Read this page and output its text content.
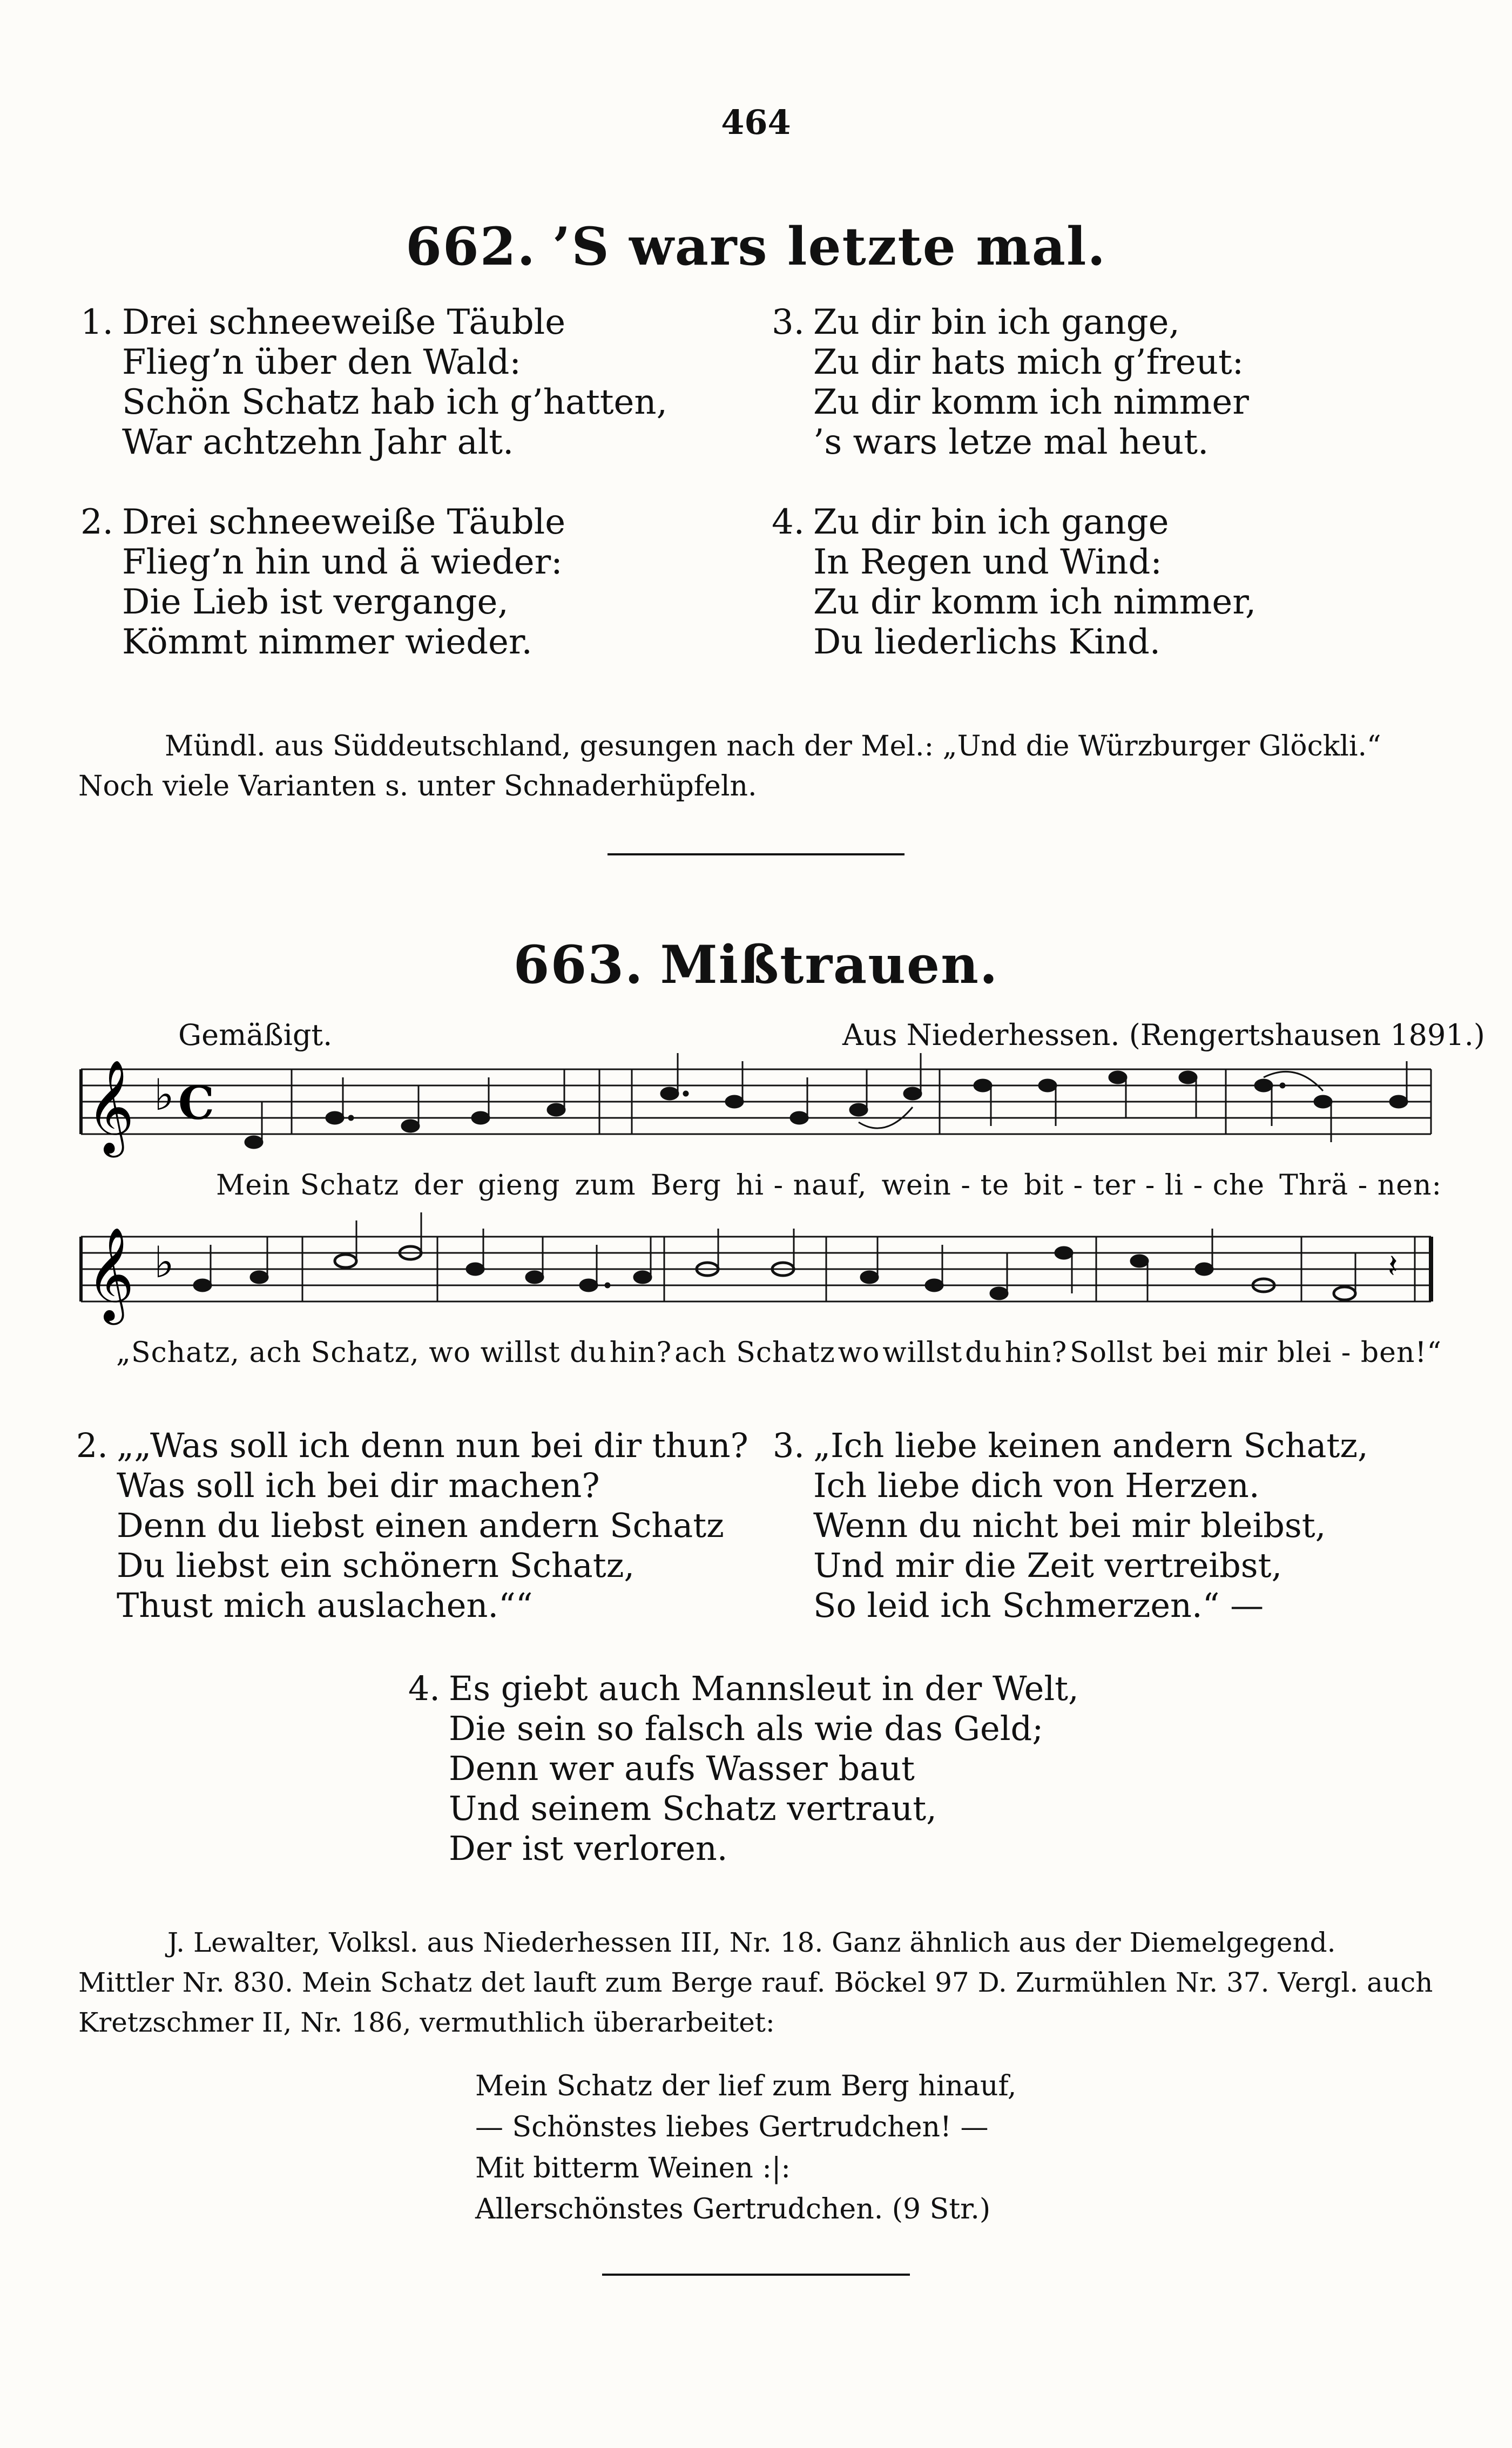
464
662. ’S wars letzte mal.
1. Drei schneeweiße Täuble
Flieg’n über den Wald:
Schön Schatz hab ich g’hatten,
War achtzehn Jahr alt.
2. Drei schneeweiße Täuble
Flieg’n hin und ä wieder:
Die Lieb ist vergange,
Kömmt nimmer wieder.
3. Zu dir bin ich gange,
Zu dir hats mich g’freut:
Zu dir komm ich nimmer
’s wars letze mal heut.
4. Zu dir bin ich gange
In Regen und Wind:
Zu dir komm ich nimmer,
Du liederlichs Kind.
Mündl. aus Süddeutschland, gesungen nach der Mel.: „Und die Würzburger Glöckli.“ Noch viele Varianten s. unter Schnaderhüpfeln.
663. Mißtrauen.
Gemäßigt.	Aus Niederhessen. (Rengertshausen 1891.)
𝄞 ♭ C
Mein Schatz der gieng zum Berg hi - nauf, wein - te bit - ter - li - che Thrä - nen:
𝄞 ♭	𝄽
„Schatz, ach Schatz, wo willst du hin? ach Schatz wo willst du hin? Sollst bei mir blei - ben!“
2. „„Was soll ich denn nun bei dir thun?
Was soll ich bei dir machen?
Denn du liebst einen andern Schatz
Du liebst ein schönern Schatz,
Thust mich auslachen.““
3. „Ich liebe keinen andern Schatz,
Ich liebe dich von Herzen.
Wenn du nicht bei mir bleibst,
Und mir die Zeit vertreibst,
So leid ich Schmerzen.“ —
4. Es giebt auch Mannsleut in der Welt,
Die sein so falsch als wie das Geld;
Denn wer aufs Wasser baut
Und seinem Schatz vertraut,
Der ist verloren.
J. Lewalter, Volksl. aus Niederhessen III, Nr. 18. Ganz ähnlich aus der Diemelgegend. Mittler Nr. 830. Mein Schatz det lauft zum Berge rauf. Böckel 97 D. Zurmühlen Nr. 37. Vergl. auch Kretzschmer II, Nr. 186, vermuthlich überarbeitet:
Mein Schatz der lief zum Berg hinauf,
— Schönstes liebes Gertrudchen! —
Mit bitterm Weinen :|:
Allerschönstes Gertrudchen. (9 Str.)
